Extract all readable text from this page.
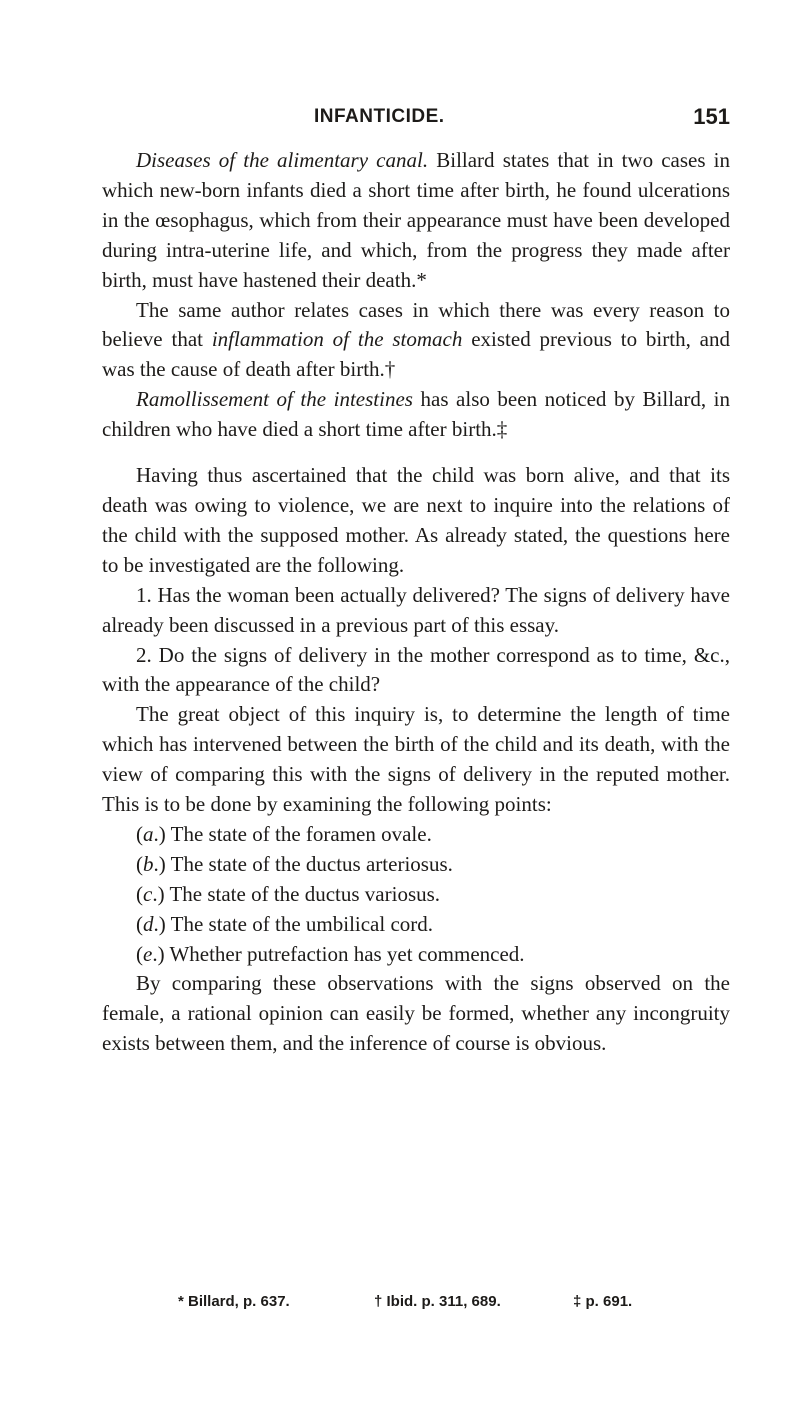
INFANTICIDE.	151

Diseases of the alimentary canal. Billard states that in two cases in which new-born infants died a short time after birth, he found ulcerations in the œsophagus, which from their appearance must have been developed during intra-uterine life, and which, from the progress they made after birth, must have hastened their death.*

The same author relates cases in which there was every reason to believe that inflammation of the stomach existed previous to birth, and was the cause of death after birth.†

Ramollissement of the intestines has also been noticed by Billard, in children who have died a short time after birth.‡

Having thus ascertained that the child was born alive, and that its death was owing to violence, we are next to inquire into the relations of the child with the supposed mother. As already stated, the questions here to be investigated are the following.

1. Has the woman been actually delivered? The signs of delivery have already been discussed in a previous part of this essay.

2. Do the signs of delivery in the mother correspond as to time, &c., with the appearance of the child?

The great object of this inquiry is, to determine the length of time which has intervened between the birth of the child and its death, with the view of comparing this with the signs of delivery in the reputed mother. This is to be done by examining the following points:

(a.) The state of the foramen ovale.

(b.) The state of the ductus arteriosus.

(c.) The state of the ductus variosus.

(d.) The state of the umbilical cord.

(e.) Whether putrefaction has yet commenced.

By comparing these observations with the signs observed on the female, a rational opinion can easily be formed, whether any incongruity exists between them, and the inference of course is obvious.

* Billard, p. 637.	† Ibid. p. 311, 689.	‡ p. 691.
